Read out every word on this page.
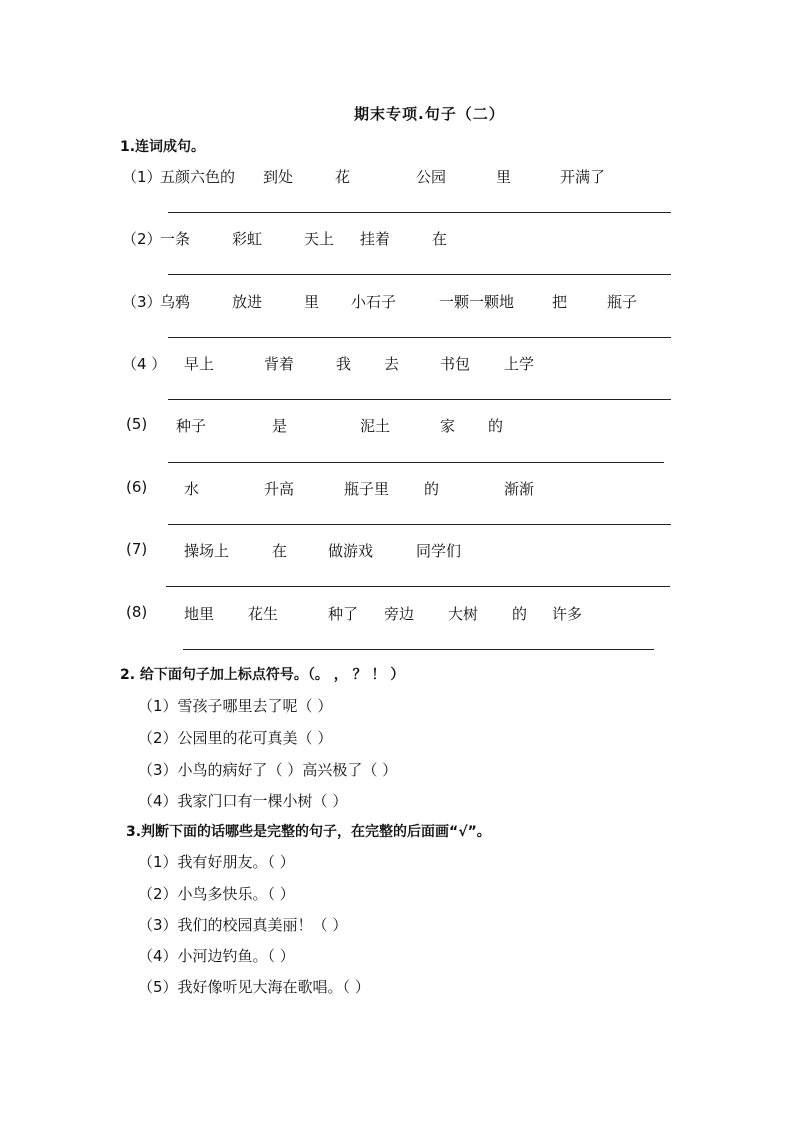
期末专项.句子（二）
1.连词成句。
（1）
五颜六色的 到处	花	公园	里	开满了
（2）
一条	彩虹	天上 挂着	在
（3）
乌鸦	放进	里 小石子	一颗一颗地	把	瓶子
（4 ） 早上	背着	我 去	书包 上学
(5) 种子	是	泥土	家 的
(6) 水	升高	瓶子里 的	渐渐
(7) 操场上	在	做游戏	同学们
(8) 地里 花生	种了 旁边 大树 的 许多
2. 给下面句子加上标点符号。（。 ， ？ ！ ）
（1）雪孩子哪里去了呢（ ）
（2）公园里的花可真美（ ）
（3）小鸟的病好了（ ）高兴极了（ ）
（4）我家门口有一棵小树（ ）
3.判断下面的话哪些是完整的句子，在完整的后面画“√”。
（1）我有好朋友。（ ）
（2）小鸟多快乐。（ ）
（3）我们的校园真美丽！（ ）
（4）小河边钓鱼。（ ）
（5）我好像听见大海在歌唱。（ ）
